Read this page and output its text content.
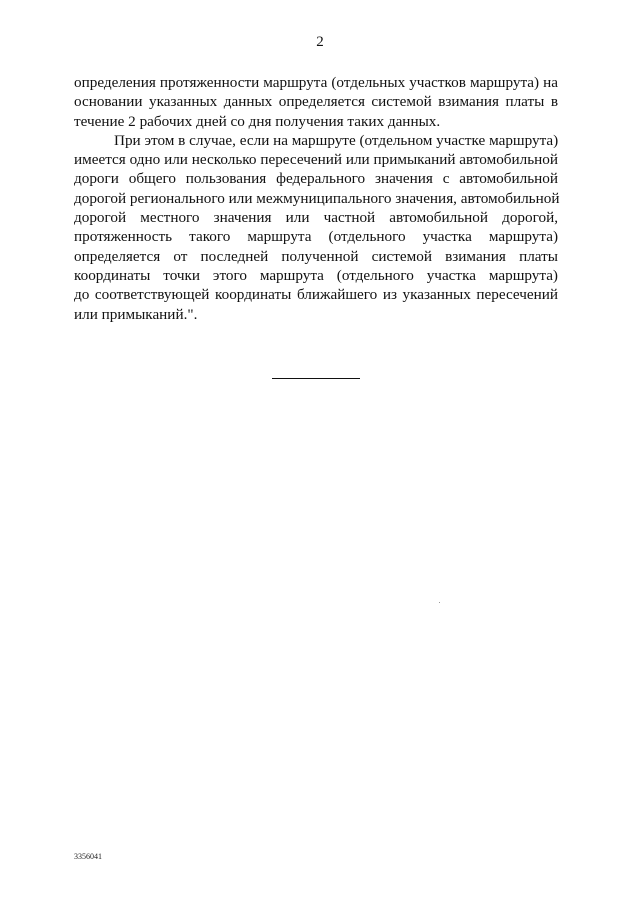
2
определения протяженности маршрута (отдельных участков маршрута) на
основании указанных данных определяется системой взимания платы в
течение 2 рабочих дней со дня получения таких данных.
При этом в случае, если на маршруте (отдельном участке маршрута)
имеется одно или несколько пересечений или примыканий автомобильной
дороги общего пользования федерального значения с автомобильной
дорогой регионального или межмуниципального значения, автомобильной
дорогой местного значения или частной автомобильной дорогой,
протяженность такого маршрута (отдельного участка маршрута)
определяется от последней полученной системой взимания платы
координаты точки этого маршрута (отдельного участка маршрута)
до соответствующей координаты ближайшего из указанных пересечений
или примыканий.".
3356041
